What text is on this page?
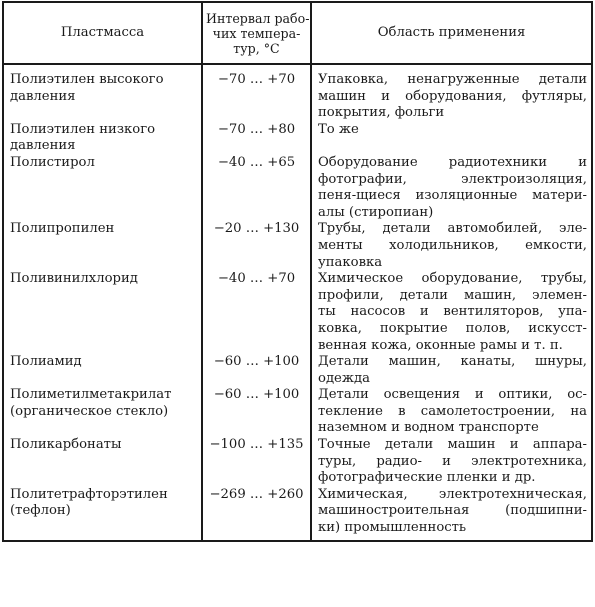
Пластмасса	Интервал рабо-
чих темпера-
тур, °С	Область применения

Полиэтилен высокого
давления	−70 … +70	Упаковка, ненагруженные детали
машин и оборудования, футляры,
покрытия, фольги

Полиэтилен низкого
давления	−70 … +80	То же

Полистирол	−40 … +65	Оборудование радиотехники и
фотографии, электроизоляция,
пеня-щиеся изоляционные матери-
алы (стиропиан)

Полипропилен	−20 … +130	Трубы, детали автомобилей, эле-
менты холодильников, емкости,
упаковка

Поливинилхлорид	−40 … +70	Химическое оборудование, трубы,
профили, детали машин, элемен-
ты насосов и вентиляторов, упа-
ковка, покрытие полов, искусст-
венная кожа, оконные рамы и т. п.

Полиамид	−60 … +100	Детали машин, канаты, шнуры,
одежда

Полиметилметакрилат
(органическое стекло)	−60 … +100	Детали освещения и оптики, ос-
текление в самолетостроении, на
наземном и водном транспорте

Поликарбонаты	−100 … +135	Точные детали машин и аппара-
туры, радио- и электротехника,
фотографические пленки и др.

Политетрафторэтилен
(тефлон)	−269 … +260	Химическая, электротехническая,
машиностроительная (подшипни-
ки) промышленность
